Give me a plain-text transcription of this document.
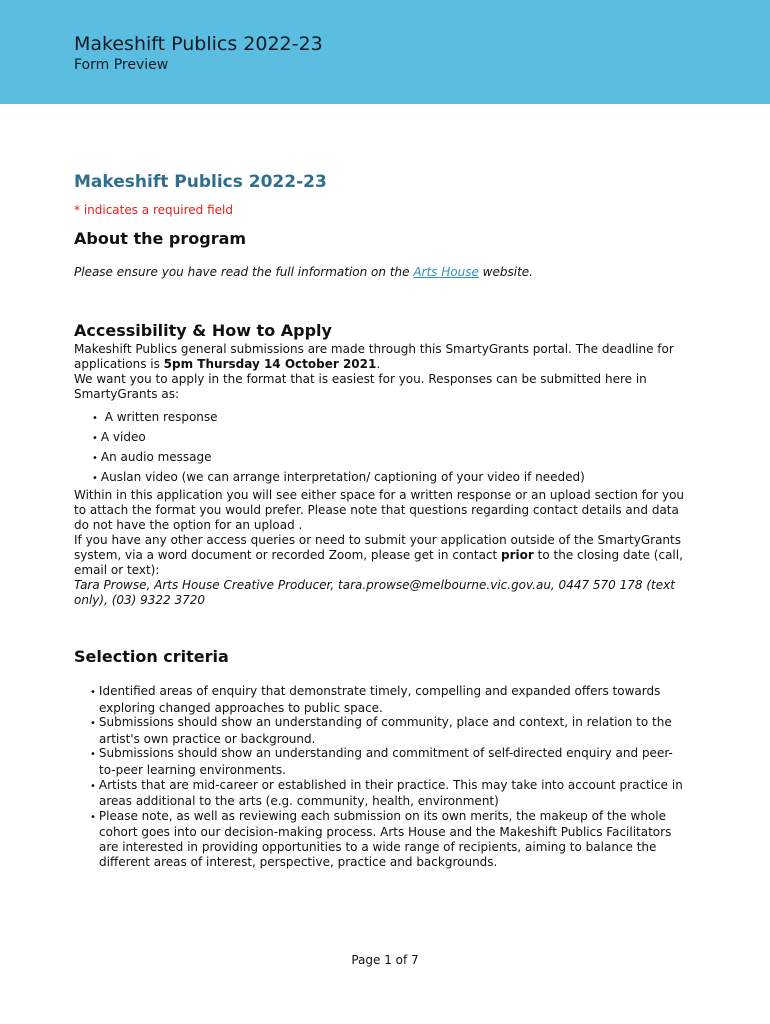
Makeshift Publics 2022-23
Form Preview
Makeshift Publics 2022-23
* indicates a required field
About the program
Please ensure you have read the full information on the Arts House website.
Accessibility & How to Apply

Makeshift Publics general submissions are made through this SmartyGrants portal. The deadline for applications is 5pm Thursday 14 October 2021.

We want you to apply in the format that is easiest for you. Responses can be submitted here in SmartyGrants as:

• A written response
• A video
• An audio message
• Auslan video (we can arrange interpretation/ captioning of your video if needed)

Within in this application you will see either space for a written response or an upload section for you to attach the format you would prefer. Please note that questions regarding contact details and data do not have the option for an upload .

If you have any other access queries or need to submit your application outside of the SmartyGrants system, via a word document or recorded Zoom, please get in contact prior to the closing date (call, email or text):

Tara Prowse, Arts House Creative Producer, tara.prowse@melbourne.vic.gov.au, 0447 570 178 (text only), (03) 9322 3720

Selection criteria
• Identified areas of enquiry that demonstrate timely, compelling and expanded offers towards exploring changed approaches to public space.
• Submissions should show an understanding of community, place and context, in relation to the artist's own practice or background.
• Submissions should show an understanding and commitment of self-directed enquiry and peer-to-peer learning environments.
• Artists that are mid-career or established in their practice. This may take into account practice in areas additional to the arts (e.g. community, health, environment)
• Please note, as well as reviewing each submission on its own merits, the makeup of the whole cohort goes into our decision-making process. Arts House and the Makeshift Publics Facilitators are interested in providing opportunities to a wide range of recipients, aiming to balance the different areas of interest, perspective, practice and backgrounds.
Page 1 of 7
